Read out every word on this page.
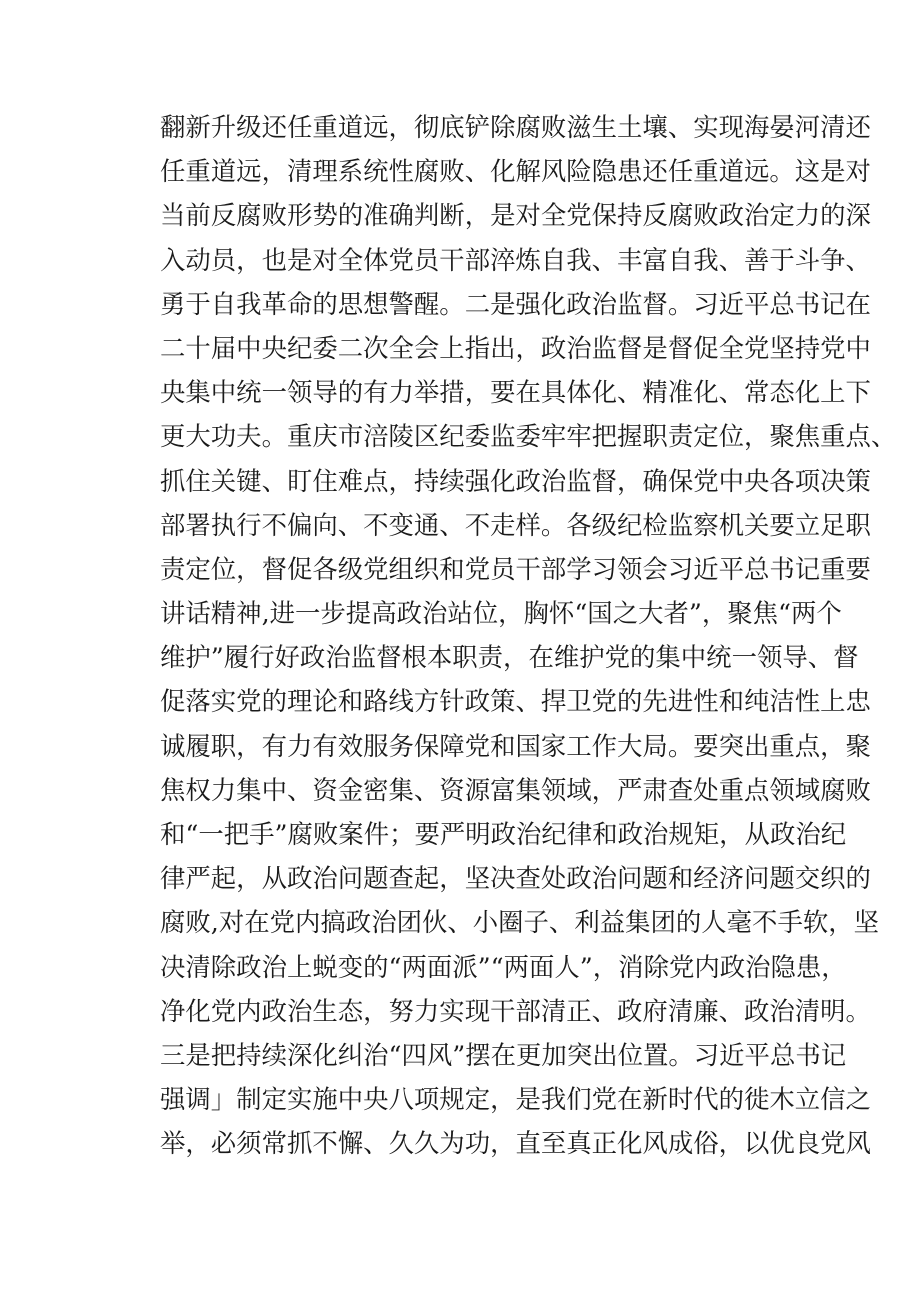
翻新升级还任重道远，彻底铲除腐败滋生土壤、实现海晏河清还
任重道远，清理系统性腐败、化解风险隐患还任重道远。这是对
当前反腐败形势的准确判断，是对全党保持反腐败政治定力的深
入动员，也是对全体党员干部淬炼自我、丰富自我、善于斗争、
勇于自我革命的思想警醒。二是强化政治监督。习近平总书记在
二十届中央纪委二次全会上指出，政治监督是督促全党坚持党中
央集中统一领导的有力举措，要在具体化、精准化、常态化上下
更大功夫。重庆市涪陵区纪委监委牢牢把握职责定位，聚焦重点、
抓住关键、盯住难点，持续强化政治监督，确保党中央各项决策
部署执行不偏向、不变通、不走样。各级纪检监察机关要立足职
责定位，督促各级党组织和党员干部学习领会习近平总书记重要
讲话精神,进一步提高政治站位，胸怀“国之大者”，聚焦“两个
维护”履行好政治监督根本职责，在维护党的集中统一领导、督
促落实党的理论和路线方针政策、捍卫党的先进性和纯洁性上忠
诚履职，有力有效服务保障党和国家工作大局。要突出重点，聚
焦权力集中、资金密集、资源富集领域，严肃查处重点领域腐败
和“一把手”腐败案件；要严明政治纪律和政治规矩，从政治纪
律严起，从政治问题查起，坚决查处政治问题和经济问题交织的
腐败,对在党内搞政治团伙、小圈子、利益集团的人毫不手软，坚
决清除政治上蜕变的“两面派”“两面人”，消除党内政治隐患，
净化党内政治生态，努力实现干部清正、政府清廉、政治清明。
三是把持续深化纠治“四风”摆在更加突出位置。习近平总书记
强调」制定实施中央八项规定，是我们党在新时代的徙木立信之
举，必须常抓不懈、久久为功，直至真正化风成俗，以优良党风
